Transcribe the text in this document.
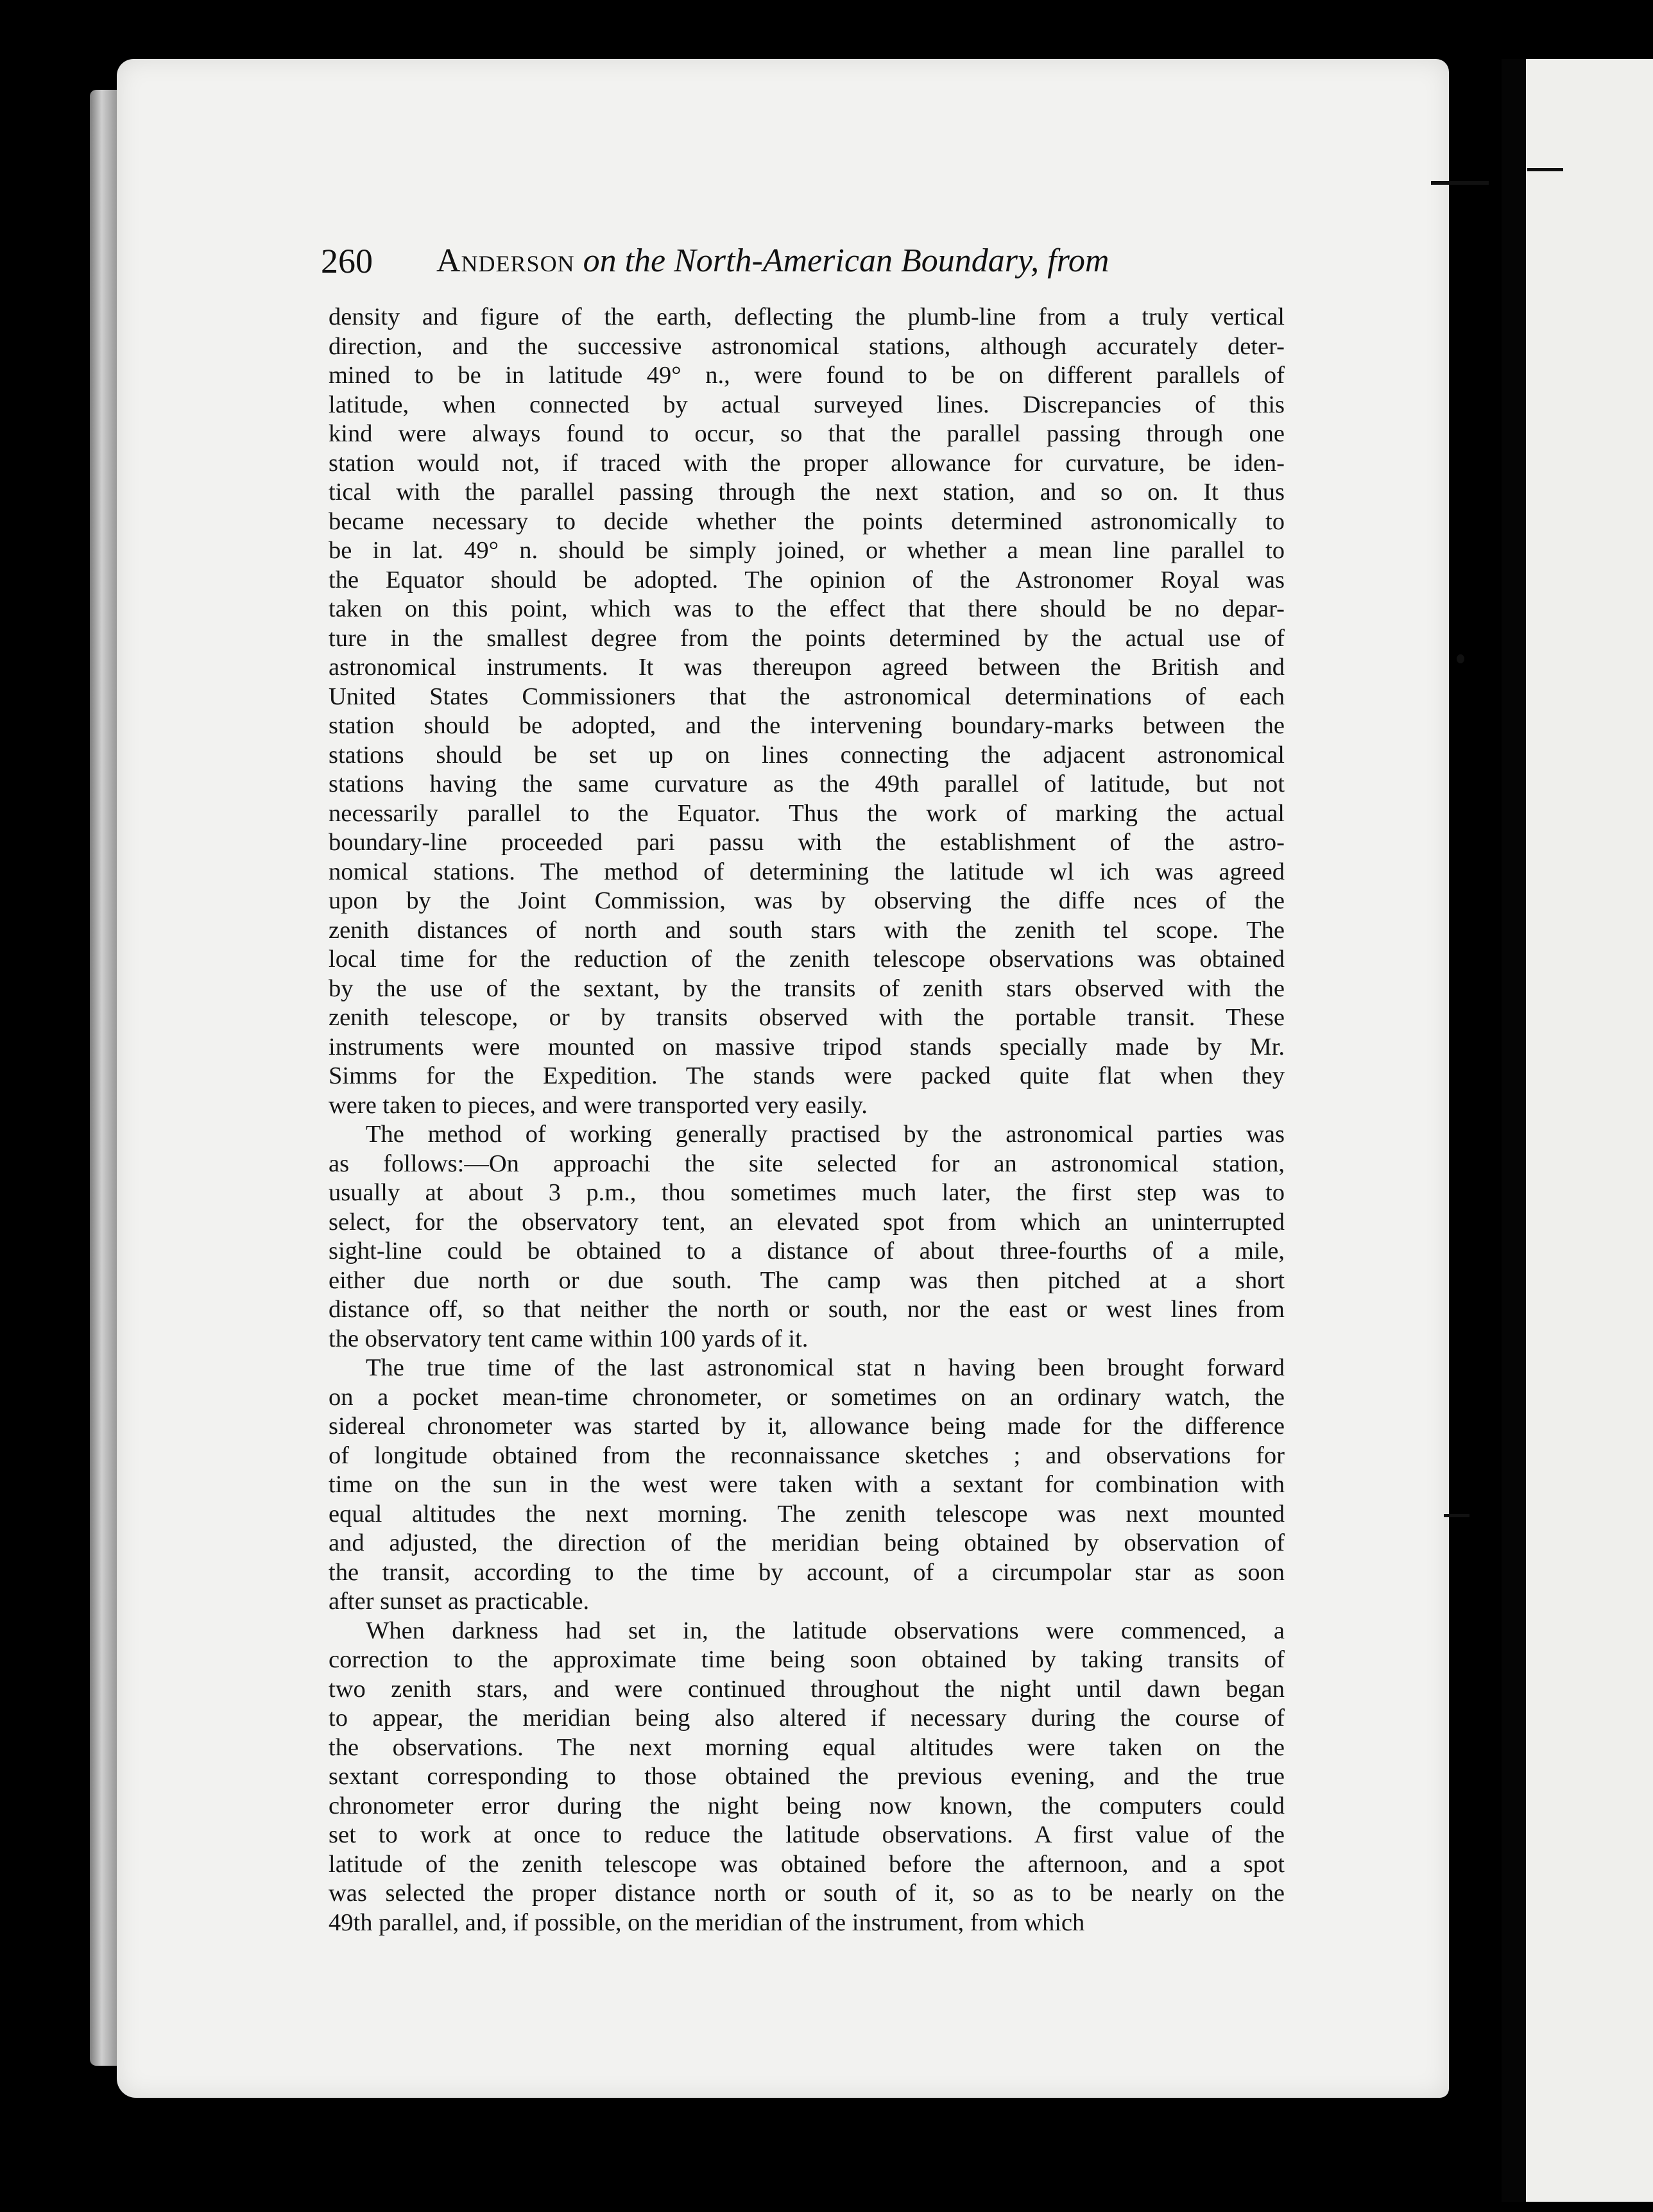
260 Anderson on the North-American Boundary, from
density and figure of the earth, deflecting the plumb-line from a truly vertical
direction, and the successive astronomical stations, although accurately deter-
mined to be in latitude 49° n., were found to be on different parallels of
latitude, when connected by actual surveyed lines. Discrepancies of this
kind were always found to occur, so that the parallel passing through one
station would not, if traced with the proper allowance for curvature, be iden-
tical with the parallel passing through the next station, and so on. It thus
became necessary to decide whether the points determined astronomically to
be in lat. 49° n. should be simply joined, or whether a mean line parallel to
the Equator should be adopted. The opinion of the Astronomer Royal was
taken on this point, which was to the effect that there should be no depar-
ture in the smallest degree from the points determined by the actual use of
astronomical instruments. It was thereupon agreed between the British and
United States Commissioners that the astronomical determinations of each
station should be adopted, and the intervening boundary-marks between the
stations should be set up on lines connecting the adjacent astronomical
stations having the same curvature as the 49th parallel of latitude, but not
necessarily parallel to the Equator. Thus the work of marking the actual
boundary-line proceeded pari passu with the establishment of the astro-
nomical stations. The method of determining the latitude wl ich was agreed
upon by the Joint Commission, was by observing the diffe nces of the
zenith distances of north and south stars with the zenith tel scope. The
local time for the reduction of the zenith telescope observations was obtained
by the use of the sextant, by the transits of zenith stars observed with the
zenith telescope, or by transits observed with the portable transit. These
instruments were mounted on massive tripod stands specially made by Mr.
Simms for the Expedition. The stands were packed quite flat when they
were taken to pieces, and were transported very easily.
The method of working generally practised by the astronomical parties was
as follows:—On approachi the site selected for an astronomical station,
usually at about 3 p.m., thou sometimes much later, the first step was to
select, for the observatory tent, an elevated spot from which an uninterrupted
sight-line could be obtained to a distance of about three-fourths of a mile,
either due north or due south. The camp was then pitched at a short
distance off, so that neither the north or south, nor the east or west lines from
the observatory tent came within 100 yards of it.
The true time of the last astronomical stat n having been brought forward
on a pocket mean-time chronometer, or sometimes on an ordinary watch, the
sidereal chronometer was started by it, allowance being made for the difference
of longitude obtained from the reconnaissance sketches ; and observations for
time on the sun in the west were taken with a sextant for combination with
equal altitudes the next morning. The zenith telescope was next mounted
and adjusted, the direction of the meridian being obtained by observation of
the transit, according to the time by account, of a circumpolar star as soon
after sunset as practicable.
When darkness had set in, the latitude observations were commenced, a
correction to the approximate time being soon obtained by taking transits of
two zenith stars, and were continued throughout the night until dawn began
to appear, the meridian being also altered if necessary during the course of
the observations. The next morning equal altitudes were taken on the
sextant corresponding to those obtained the previous evening, and the true
chronometer error during the night being now known, the computers could
set to work at once to reduce the latitude observations. A first value of the
latitude of the zenith telescope was obtained before the afternoon, and a spot
was selected the proper distance north or south of it, so as to be nearly on the
49th parallel, and, if possible, on the meridian of the instrument, from which
